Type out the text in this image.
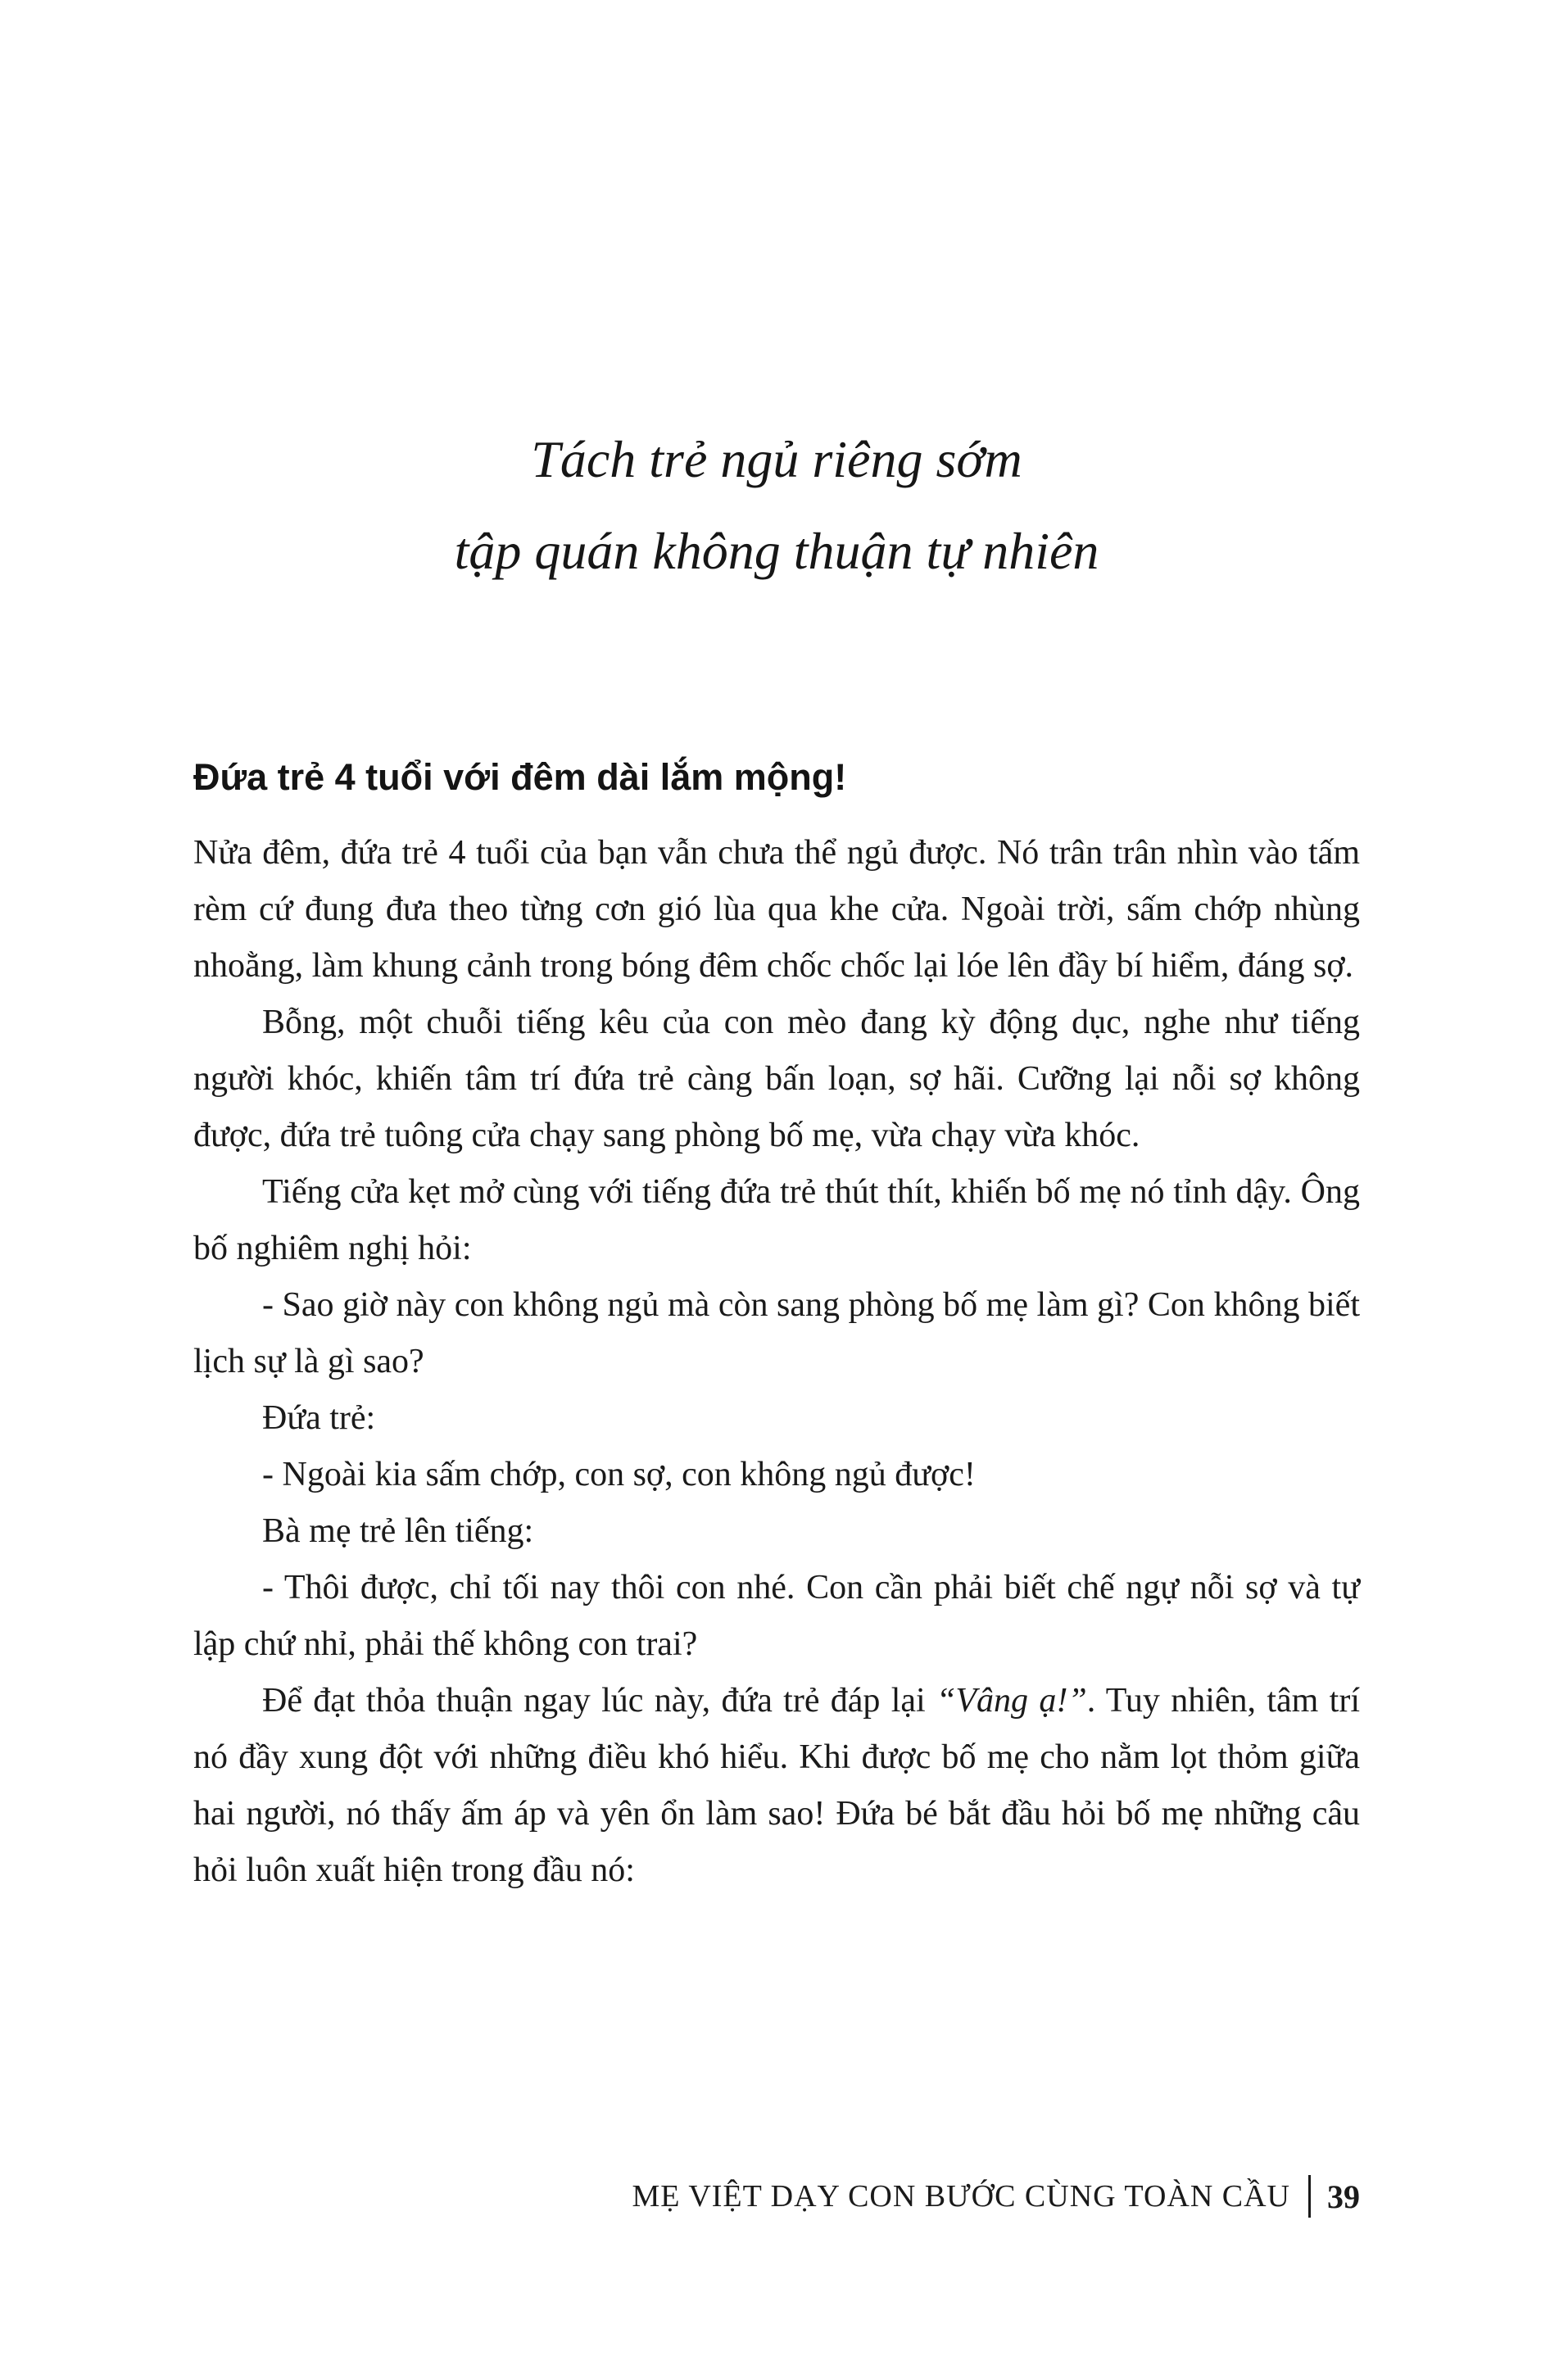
Tách trẻ ngủ riêng sớm
tập quán không thuận tự nhiên
Đứa trẻ 4 tuổi với đêm dài lắm mộng!

Nửa đêm, đứa trẻ 4 tuổi của bạn vẫn chưa thể ngủ được. Nó trân trân nhìn vào tấm rèm cứ đung đưa theo từng cơn gió lùa qua khe cửa. Ngoài trời, sấm chớp nhùng nhoằng, làm khung cảnh trong bóng đêm chốc chốc lại lóe lên đầy bí hiểm, đáng sợ.

Bỗng, một chuỗi tiếng kêu của con mèo đang kỳ động dục, nghe như tiếng người khóc, khiến tâm trí đứa trẻ càng bấn loạn, sợ hãi. Cưỡng lại nỗi sợ không được, đứa trẻ tuông cửa chạy sang phòng bố mẹ, vừa chạy vừa khóc.

Tiếng cửa kẹt mở cùng với tiếng đứa trẻ thút thít, khiến bố mẹ nó tỉnh dậy. Ông bố nghiêm nghị hỏi:

- Sao giờ này con không ngủ mà còn sang phòng bố mẹ làm gì? Con không biết lịch sự là gì sao?

Đứa trẻ:

- Ngoài kia sấm chớp, con sợ, con không ngủ được!

Bà mẹ trẻ lên tiếng:

- Thôi được, chỉ tối nay thôi con nhé. Con cần phải biết chế ngự nỗi sợ và tự lập chứ nhỉ, phải thế không con trai?

Để đạt thỏa thuận ngay lúc này, đứa trẻ đáp lại “Vâng ạ!”. Tuy nhiên, tâm trí nó đầy xung đột với những điều khó hiểu. Khi được bố mẹ cho nằm lọt thỏm giữa hai người, nó thấy ấm áp và yên ổn làm sao! Đứa bé bắt đầu hỏi bố mẹ những câu hỏi luôn xuất hiện trong đầu nó:

MẸ VIỆT DẠY CON BƯỚC CÙNG TOÀN CẦU 39
